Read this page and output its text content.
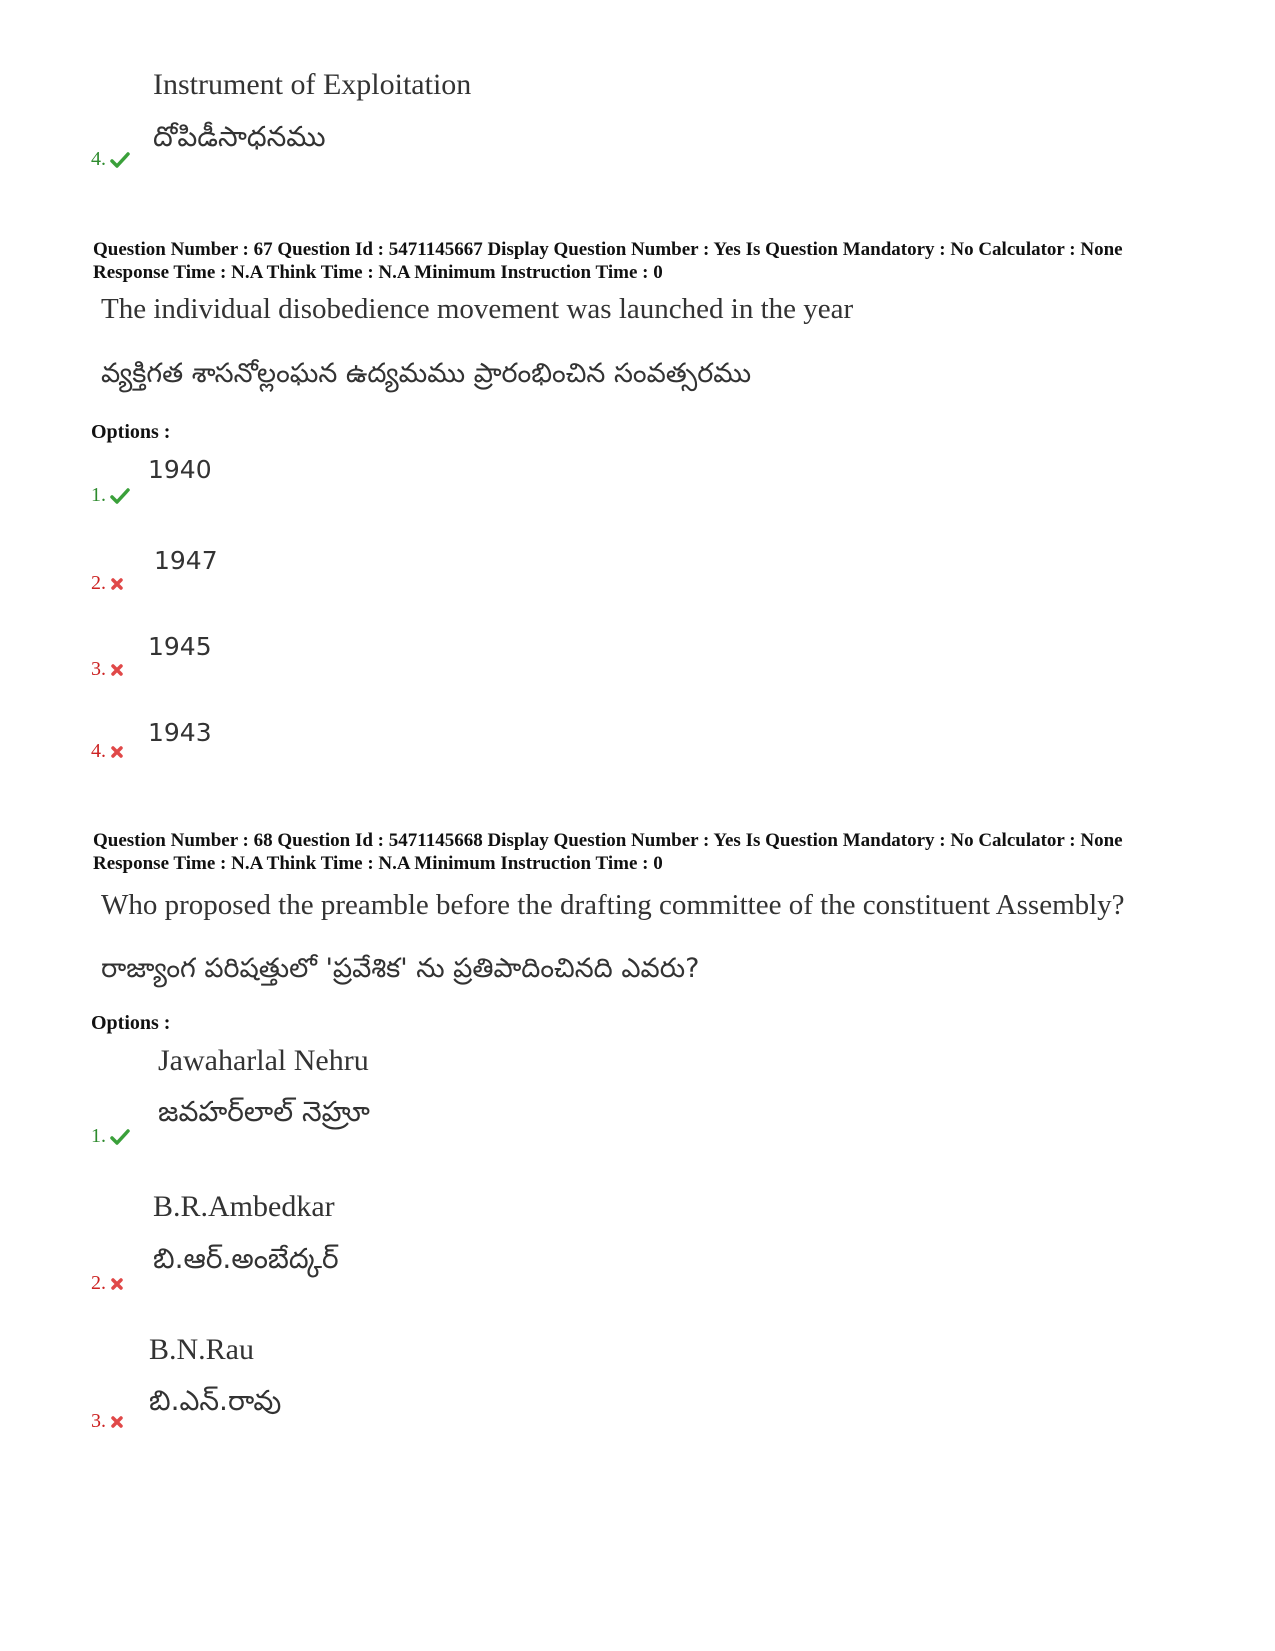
Instrument of Exploitation
దోపిడీసాధనము
4.
Question Number : 67 Question Id : 5471145667 Display Question Number : Yes Is Question Mandatory : No Calculator : None Response Time : N.A Think Time : N.A Minimum Instruction Time : 0
The individual disobedience movement was launched in the year
వ్యక్తిగత శాసనోల్లంఘన ఉద్యమము ప్రారంభించిన సంవత్సరము
Options :
1940
1.
1947
2.
1945
3.
1943
4.
Question Number : 68 Question Id : 5471145668 Display Question Number : Yes Is Question Mandatory : No Calculator : None Response Time : N.A Think Time : N.A Minimum Instruction Time : 0
Who proposed the preamble before the drafting committee of the constituent Assembly?
రాజ్యాంగ పరిషత్తులో 'ప్రవేశిక' ను ప్రతిపాదించినది ఎవరు?
Options :
Jawaharlal Nehru
జవహర్‌లాల్ నెహ్రూ
1.
B.R.Ambedkar
బి.ఆర్.అంబేద్కర్
2.
B.N.Rau
బి.ఎన్.రావు
3.
